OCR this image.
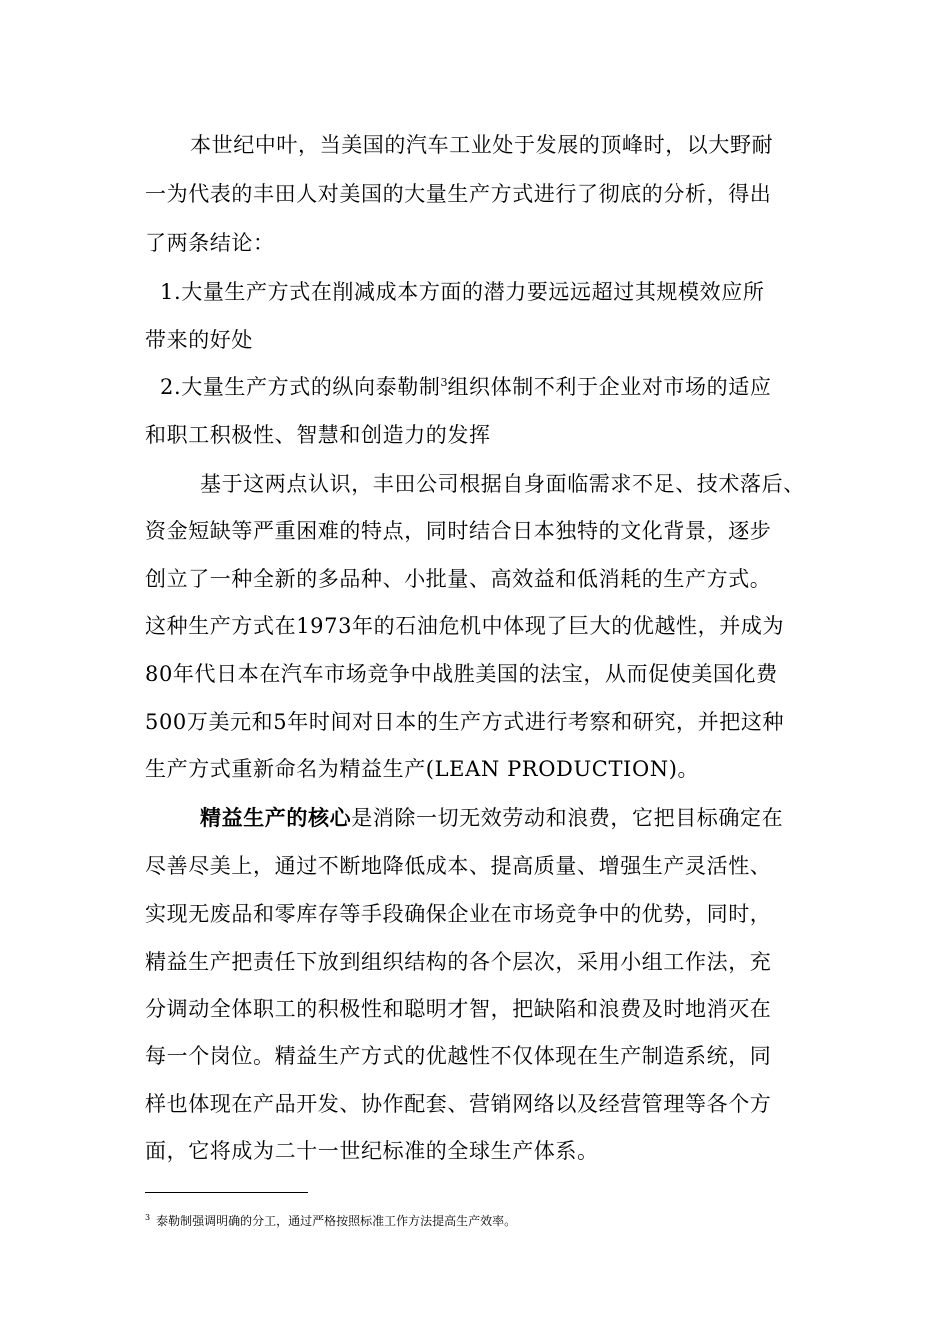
本世纪中叶，当美国的汽车工业处于发展的顶峰时，以大野耐
一为代表的丰田人对美国的大量生产方式进行了彻底的分析，得出
了两条结论：
1.大量生产方式在削减成本方面的潜力要远远超过其规模效应所
带来的好处
2.大量生产方式的纵向泰勒制$^3$组织体制不利于企业对市场的适应
和职工积极性、智慧和创造力的发挥
基于这两点认识，丰田公司根据自身面临需求不足、技术落后、
资金短缺等严重困难的特点，同时结合日本独特的文化背景，逐步
创立了一种全新的多品种、小批量、高效益和低消耗的生产方式。
这种生产方式在1973年的石油危机中体现了巨大的优越性，并成为
80年代日本在汽车市场竞争中战胜美国的法宝，从而促使美国化费
500万美元和5年时间对日本的生产方式进行考察和研究，并把这种
生产方式重新命名为精益生产(LEAN PRODUCTION)。
精益生产的核心是消除一切无效劳动和浪费，它把目标确定在
尽善尽美上，通过不断地降低成本、提高质量、增强生产灵活性、
实现无废品和零库存等手段确保企业在市场竞争中的优势，同时，
精益生产把责任下放到组织结构的各个层次，采用小组工作法，充
分调动全体职工的积极性和聪明才智，把缺陷和浪费及时地消灭在
每一个岗位。精益生产方式的优越性不仅体现在生产制造系统，同
样也体现在产品开发、协作配套、营销网络以及经营管理等各个方
面，它将成为二十一世纪标准的全球生产体系。
$^3$ 泰勒制强调明确的分工，通过严格按照标准工作方法提高生产效率。
